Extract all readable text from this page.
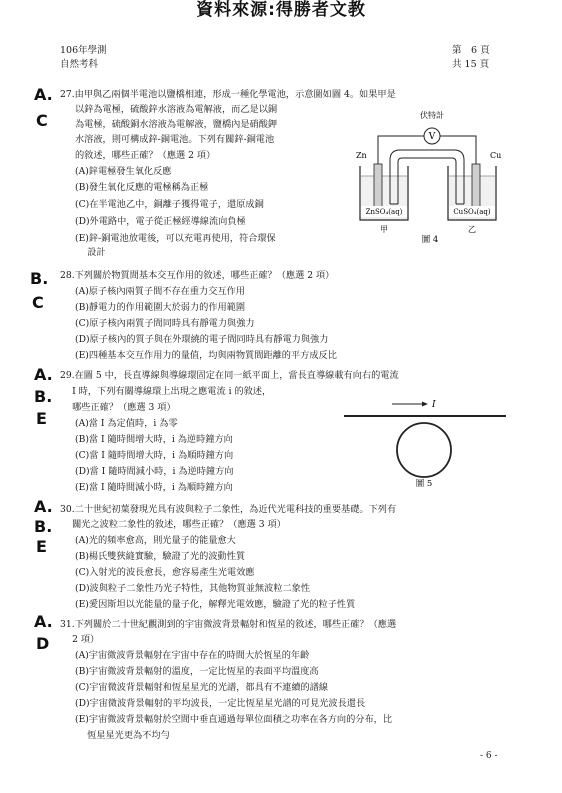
資料來源:得勝者文教
106年學測
自然考科
第　6 頁
共 15 頁
A.
C
27.由甲與乙兩個半電池以鹽橋相連，形成一種化學電池，示意圖如圖 4。如果甲是
以鋅為電極，硫酸鋅水溶液為電解液，而乙是以銅
為電極，硫酸銅水溶液為電解液，鹽橋內是硝酸鉀
水溶液，則可構成鋅-銅電池。下列有關鋅-銅電池
的敘述，哪些正確？（應選 2 項）
(A)鋅電極發生氧化反應
(B)發生氧化反應的電極稱為正極
(C)在半電池乙中，銅離子獲得電子，還原成銅
(D)外電路中，電子從正極經導線流向負極
(E)鋅-銅電池放電後，可以充電再使用，符合環保
　 設計
伏特計
V
Zn	Cu
ZnSO₄(aq)	CuSO₄(aq)
甲	乙
圖 4
B.
C
28.下列關於物質間基本交互作用的敘述，哪些正確？（應選 2 項）
(A)原子核內兩質子間不存在重力交互作用
(B)靜電力的作用範圍大於弱力的作用範圍
(C)原子核內兩質子間同時具有靜電力與強力
(D)原子核內的質子與在外環繞的電子間同時具有靜電力與強力
(E)四種基本交互作用力的量值，均與兩物質間距離的平方成反比
A.
B.
E
29.在圖 5 中，長直導線與導線環固定在同一紙平面上，當長直導線載有向右的電流
　 I 時，下列有關導線環上出現之應電流 i 的敘述，
　 哪些正確？（應選 3 項）
(A)當 I 為定值時，i 為零
(B)當 I 隨時間增大時，i 為逆時鐘方向
(C)當 I 隨時間增大時，i 為順時鐘方向
(D)當 I 隨時間減小時，i 為逆時鐘方向
(E)當 I 隨時間減小時，i 為順時鐘方向
I
圖 5
A.
B.
E
30.二十世紀初葉發現光具有波與粒子二象性，為近代光電科技的重要基礎。下列有
　 關光之波粒二象性的敘述，哪些正確？（應選 3 項）
(A)光的頻率愈高，則光量子的能量愈大
(B)楊氏雙狹縫實驗，驗證了光的波動性質
(C)入射光的波長愈長，愈容易產生光電效應
(D)波與粒子二象性乃光子特性，其他物質並無波粒二象性
(E)愛因斯坦以光能量的量子化，解釋光電效應，驗證了光的粒子性質
A.
D
31.下列關於二十世紀觀測到的宇宙微波背景輻射和恆星的敘述，哪些正確？（應選
　 2 項）
(A)宇宙微波背景輻射在宇宙中存在的時間大於恆星的年齡
(B)宇宙微波背景輻射的溫度，一定比恆星的表面平均溫度高
(C)宇宙微波背景輻射和恆星星光的光譜，都具有不連續的譜線
(D)宇宙微波背景輻射的平均波長，一定比恆星星光譜的可見光波長還長
(E)宇宙微波背景輻射於空間中垂直通過每單位面積之功率在各方向的分布，比
　 恆星星光更為不均勻
- 6 -
